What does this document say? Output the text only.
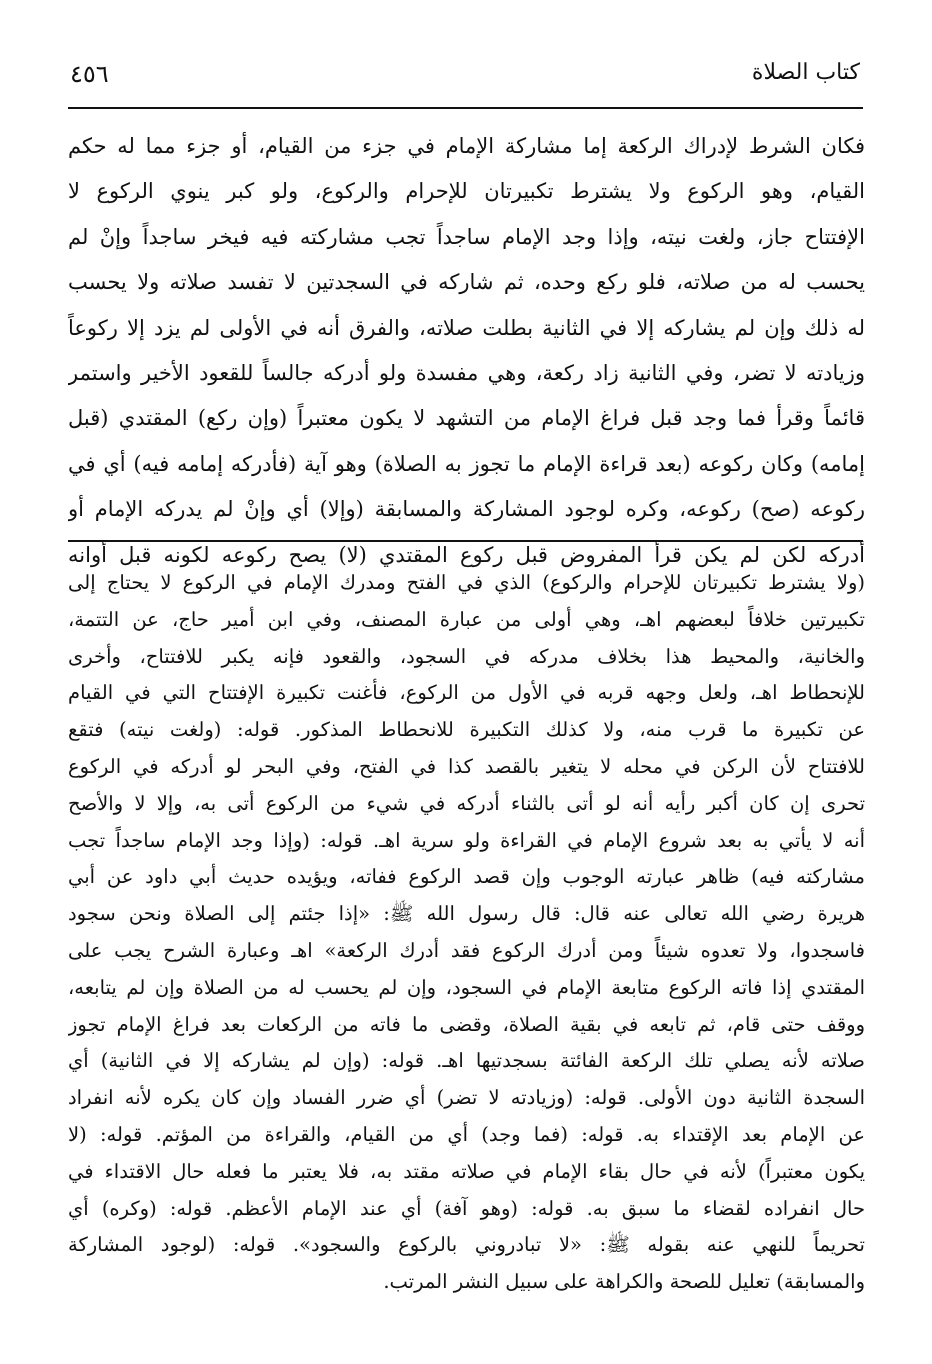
٤٥٦	كتاب الصلاة
فكان الشرط لإدراك الركعة إما مشاركة الإمام في جزء من القيام، أو جزء مما له حكم
القيام، وهو الركوع ولا يشترط تكبيرتان للإحرام والركوع، ولو كبر ينوي الركوع لا
الإفتتاح جاز، ولغت نيته، وإذا وجد الإمام ساجداً تجب مشاركته فيه فيخر ساجداً وإنْ لم
يحسب له من صلاته، فلو ركع وحده، ثم شاركه في السجدتين لا تفسد صلاته ولا يحسب
له ذلك وإن لم يشاركه إلا في الثانية بطلت صلاته، والفرق أنه في الأولى لم يزد إلا ركوعاً
وزيادته لا تضر، وفي الثانية زاد ركعة، وهي مفسدة ولو أدركه جالساً للقعود الأخير واستمر
قائماً وقرأ فما وجد قبل فراغ الإمام من التشهد لا يكون معتبراً (وإن ركع) المقتدي (قبل
إمامه) وكان ركوعه (بعد قراءة الإمام ما تجوز به الصلاة) وهو آية (فأدركه إمامه فيه) أي في
ركوعه (صح) ركوعه، وكره لوجود المشاركة والمسابقة (وإلا) أي وإنْ لم يدركه الإمام أو
أدركه لكن لم يكن قرأ المفروض قبل ركوع المقتدي (لا) يصح ركوعه لكونه قبل أوانه
(ولا يشترط تكبيرتان للإحرام والركوع) الذي في الفتح ومدرك الإمام في الركوع لا يحتاج إلى
تكبيرتين خلافاً لبعضهم اهـ، وهي أولى من عبارة المصنف، وفي ابن أمير حاج، عن التتمة،
والخانية، والمحيط هذا بخلاف مدركه في السجود، والقعود فإنه يكبر للافتتاح، وأخرى
للإنحطاط اهـ، ولعل وجهه قربه في الأول من الركوع، فأغنت تكبيرة الإفتتاح التي في القيام
عن تكبيرة ما قرب منه، ولا كذلك التكبيرة للانحطاط المذكور. قوله: (ولغت نيته) فتقع
للافتتاح لأن الركن في محله لا يتغير بالقصد كذا في الفتح، وفي البحر لو أدركه في الركوع
تحرى إن كان أكبر رأيه أنه لو أتى بالثناء أدركه في شيء من الركوع أتى به، وإلا لا والأصح
أنه لا يأتي به بعد شروع الإمام في القراءة ولو سرية اهـ. قوله: (وإذا وجد الإمام ساجداً تجب
مشاركته فيه) ظاهر عبارته الوجوب وإن قصد الركوع ففاته، ويؤيده حديث أبي داود عن أبي
هريرة رضي الله تعالى عنه قال: قال رسول الله ﷺ: «إذا جئتم إلى الصلاة ونحن سجود
فاسجدوا، ولا تعدوه شيئاً ومن أدرك الركوع فقد أدرك الركعة» اهـ وعبارة الشرح يجب على
المقتدي إذا فاته الركوع متابعة الإمام في السجود، وإن لم يحسب له من الصلاة وإن لم يتابعه،
ووقف حتى قام، ثم تابعه في بقية الصلاة، وقضى ما فاته من الركعات بعد فراغ الإمام تجوز
صلاته لأنه يصلي تلك الركعة الفائتة بسجدتيها اهـ. قوله: (وإن لم يشاركه إلا في الثانية) أي
السجدة الثانية دون الأولى. قوله: (وزيادته لا تضر) أي ضرر الفساد وإن كان يكره لأنه انفراد
عن الإمام بعد الإقتداء به. قوله: (فما وجد) أي من القيام، والقراءة من المؤتم. قوله: (لا
يكون معتبراً) لأنه في حال بقاء الإمام في صلاته مقتد به، فلا يعتبر ما فعله حال الاقتداء في
حال انفراده لقضاء ما سبق به. قوله: (وهو آفة) أي عند الإمام الأعظم. قوله: (وكره) أي
تحريماً للنهي عنه بقوله ﷺ: «لا تبادروني بالركوع والسجود». قوله: (لوجود المشاركة
والمسابقة) تعليل للصحة والكراهة على سبيل النشر المرتب.
